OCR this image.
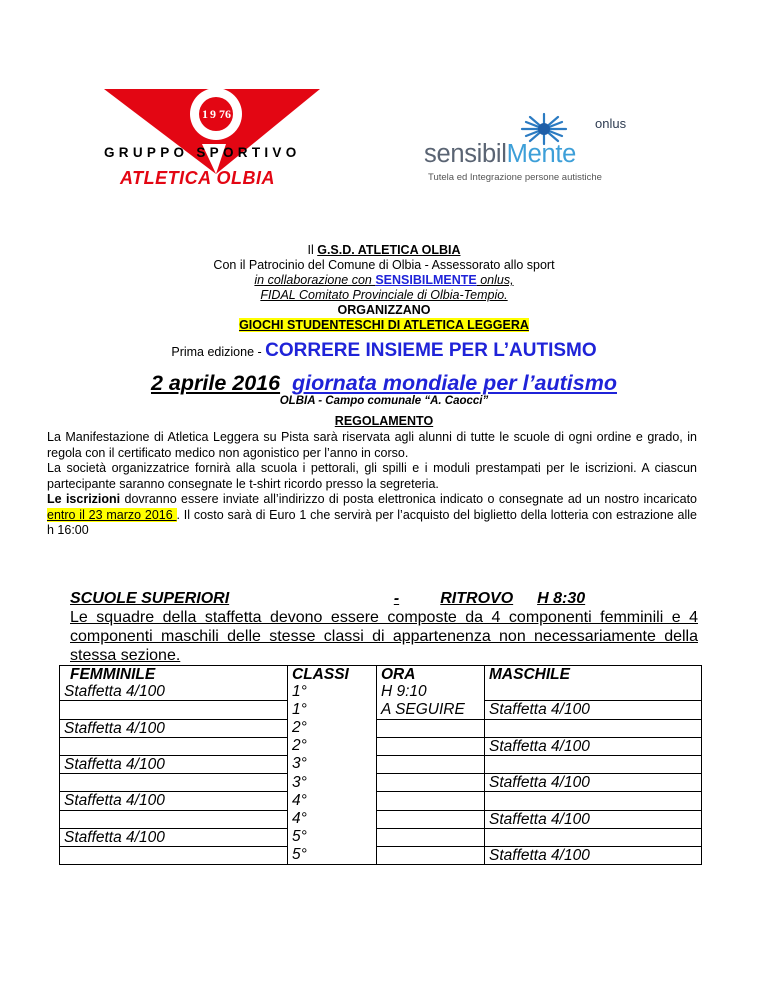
19 76
GRUPPO SPORTIVO
ATLETICA OLBIA
onlus
sensibilMente
Tutela ed Integrazione persone autistiche
Il G.S.D. ATLETICA OLBIA
Con il Patrocinio del Comune di Olbia - Assessorato allo sport
in collaborazione con SENSIBILMENTE onlus,
FIDAL Comitato Provinciale di Olbia-Tempio.
ORGANIZZANO
GIOCHI STUDENTESCHI DI ATLETICA LEGGERA
Prima edizione - CORRERE INSIEME PER L’AUTISMO
2 aprile 2016 giornata mondiale per l’autismo
OLBIA - Campo comunale “A. Caocci”
REGOLAMENTO
La Manifestazione di Atletica Leggera su Pista sarà riservata agli alunni di tutte le scuole di ogni ordine e grado, in regola con il certificato medico non agonistico per l’anno in corso.
La società organizzatrice fornirà alla scuola i pettorali, gli spilli e i moduli prestampati per le iscrizioni. A ciascun partecipante saranno consegnate le t-shirt ricordo presso la segreteria.
Le iscrizioni dovranno essere inviate all’indirizzo di posta elettronica indicato o consegnate ad un nostro incaricato entro il 23 marzo 2016 . Il costo sarà di Euro 1 che servirà per l’acquisto del biglietto della lotteria con estrazione alle h 16:00
SCUOLE SUPERIORI	-	RITROVO H 8:30
Le squadre della staffetta devono essere composte da 4 componenti femminili e 4 componenti maschili delle stesse classi di appartenenza non necessariamente della stessa sezione.
FEMMINILE	CLASSI	ORA	MASCHILE
Staffetta 4/100	1°	H 9:10	
	1°	A SEGUIRE	Staffetta 4/100
Staffetta 4/100	2°		
	2°		Staffetta 4/100
Staffetta 4/100	3°		
	3°		Staffetta 4/100
Staffetta 4/100	4°		
	4°		Staffetta 4/100
Staffetta 4/100	5°		
	5°		Staffetta 4/100
